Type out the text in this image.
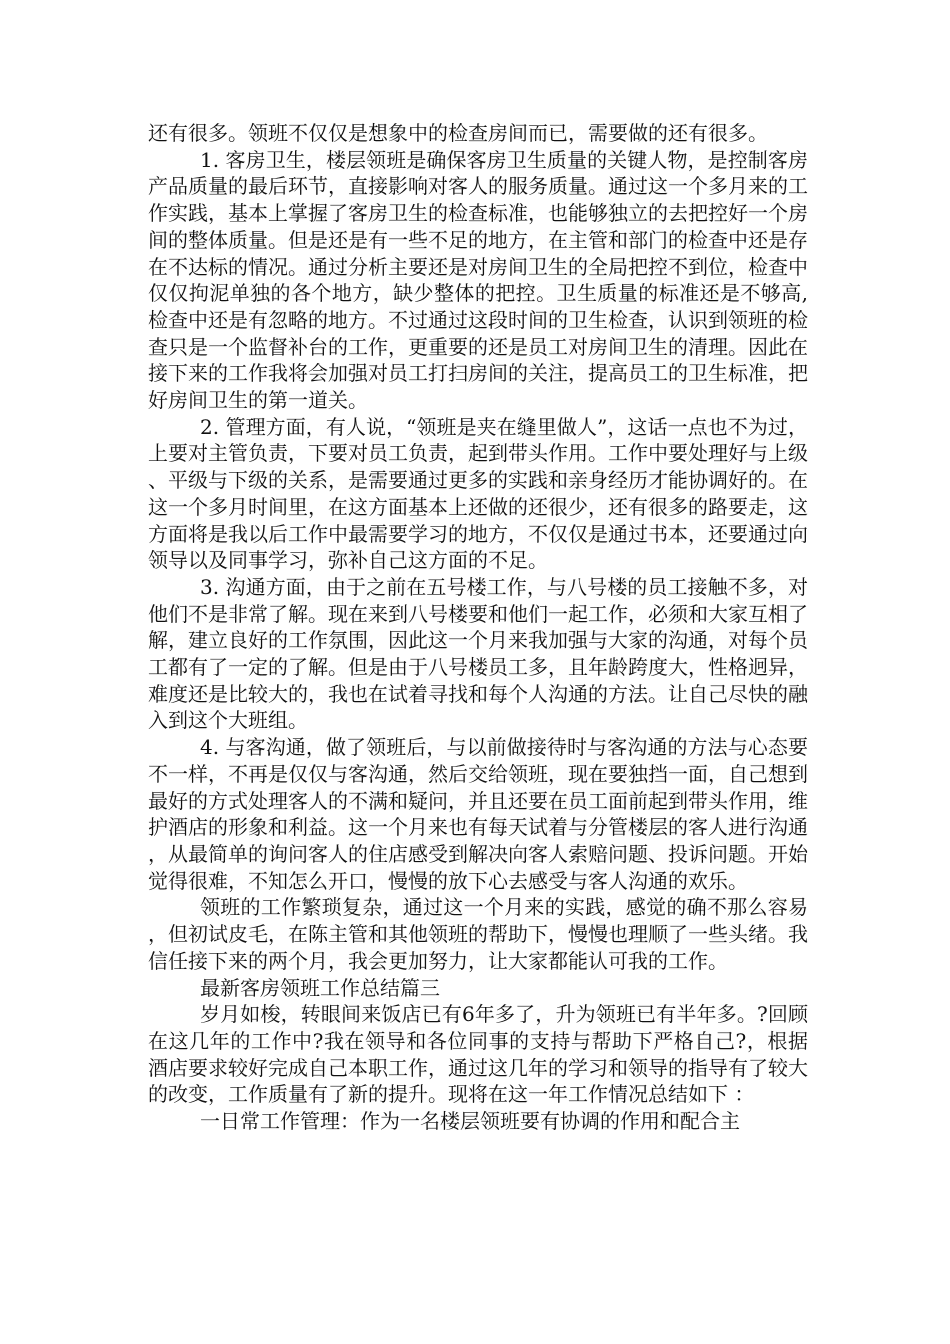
还有很多。领班不仅仅是想象中的检查房间而已，需要做的还有很多。

1. 客房卫生，楼层领班是确保客房卫生质量的关键人物，是控制客房产品质量的最后环节，直接影响对客人的服务质量。通过这一个多月来的工作实践，基本上掌握了客房卫生的检查标准，也能够独立的去把控好一个房间的整体质量。但是还是有一些不足的地方，在主管和部门的检查中还是存在不达标的情况。通过分析主要还是对房间卫生的全局把控不到位，检查中仅仅拘泥单独的各个地方，缺少整体的把控。卫生质量的标准还是不够高,检查中还是有忽略的地方。不过通过这段时间的卫生检查，认识到领班的检查只是一个监督补台的工作，更重要的还是员工对房间卫生的清理。因此在接下来的工作我将会加强对员工打扫房间的关注，提高员工的卫生标准，把好房间卫生的第一道关。

2. 管理方面，有人说，“领班是夹在缝里做人”，这话一点也不为过，上要对主管负责，下要对员工负责，起到带头作用。工作中要处理好与上级、平级与下级的关系，是需要通过更多的实践和亲身经历才能协调好的。在这一个多月时间里，在这方面基本上还做的还很少，还有很多的路要走，这方面将是我以后工作中最需要学习的地方，不仅仅是通过书本，还要通过向领导以及同事学习，弥补自己这方面的不足。

3. 沟通方面，由于之前在五号楼工作，与八号楼的员工接触不多，对他们不是非常了解。现在来到八号楼要和他们一起工作，必须和大家互相了解，建立良好的工作氛围，因此这一个月来我加强与大家的沟通，对每个员工都有了一定的了解。但是由于八号楼员工多，且年龄跨度大，性格迥异，难度还是比较大的，我也在试着寻找和每个人沟通的方法。让自己尽快的融入到这个大班组。

4. 与客沟通，做了领班后，与以前做接待时与客沟通的方法与心态要不一样，不再是仅仅与客沟通，然后交给领班，现在要独挡一面，自己想到最好的方式处理客人的不满和疑问，并且还要在员工面前起到带头作用，维护酒店的形象和利益。这一个月来也有每天试着与分管楼层的客人进行沟通，从最简单的询问客人的住店感受到解决向客人索赔问题、投诉问题。开始觉得很难，不知怎么开口，慢慢的放下心去感受与客人沟通的欢乐。

领班的工作繁琐复杂，通过这一个月来的实践，感觉的确不那么容易，但初试皮毛，在陈主管和其他领班的帮助下，慢慢也理顺了一些头绪。我信任接下来的两个月，我会更加努力，让大家都能认可我的工作。

最新客房领班工作总结篇三

岁月如梭，转眼间来饭店已有6年多了，升为领班已有半年多。?回顾在这几年的工作中?我在领导和各位同事的支持与帮助下严格自己?，根据酒店要求较好完成自己本职工作，通过这几年的学习和领导的指导有了较大的改变，工作质量有了新的提升。现将在这一年工作情况总结如下 ：

一日常工作管理：作为一名楼层领班要有协调的作用和配合主
